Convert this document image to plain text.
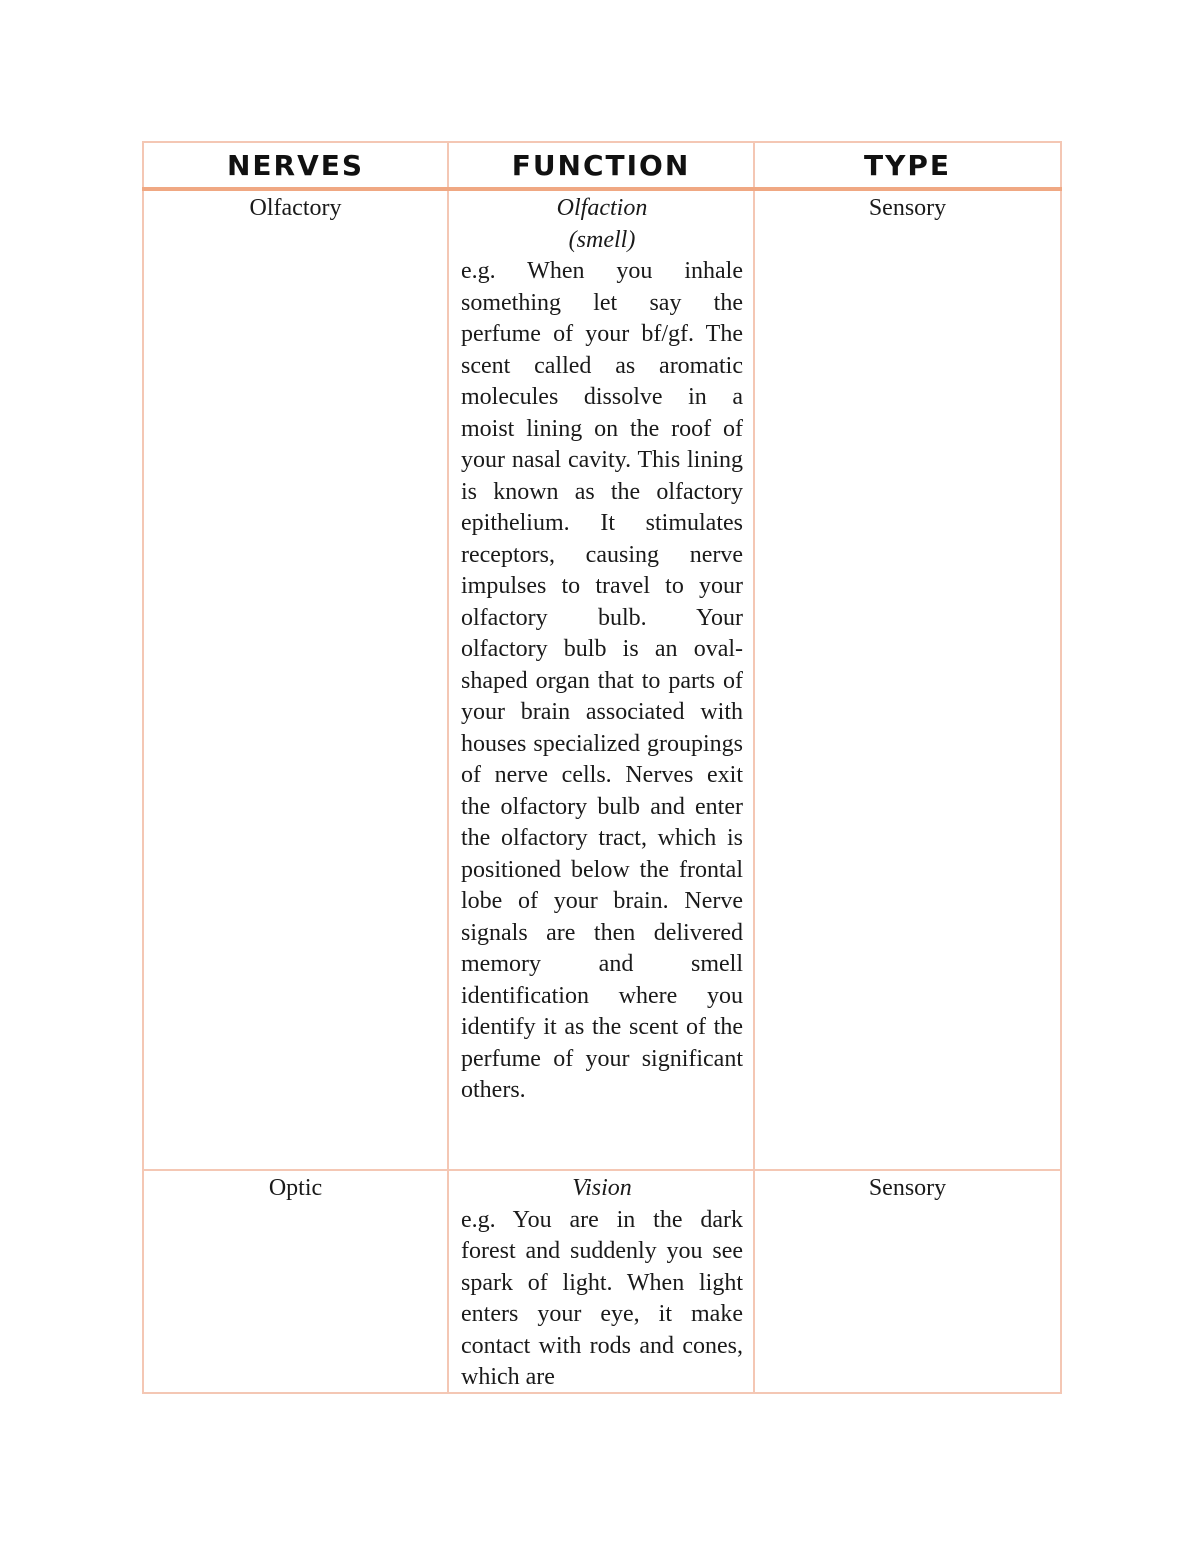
NERVES	FUNCTION	TYPE
Olfactory	Olfaction
(smell)
e.g. When you inhale something let say the perfume of your bf/gf. The scent called as aromatic molecules dissolve in a moist lining on the roof of your nasal cavity. This lining is known as the olfactory epithelium. It stimulates receptors, causing nerve impulses to travel to your olfactory bulb. Your olfactory bulb is an oval-shaped organ that to parts of your brain associated with houses specialized groupings of nerve cells. Nerves exit the olfactory bulb and enter the olfactory tract, which is positioned below the frontal lobe of your brain. Nerve signals are then delivered memory and smell identification where you identify it as the scent of the perfume of your significant others.	Sensory
Optic	Vision
e.g. You are in the dark forest and suddenly you see spark of light. When light enters your eye, it make contact with rods and cones, which are	Sensory
